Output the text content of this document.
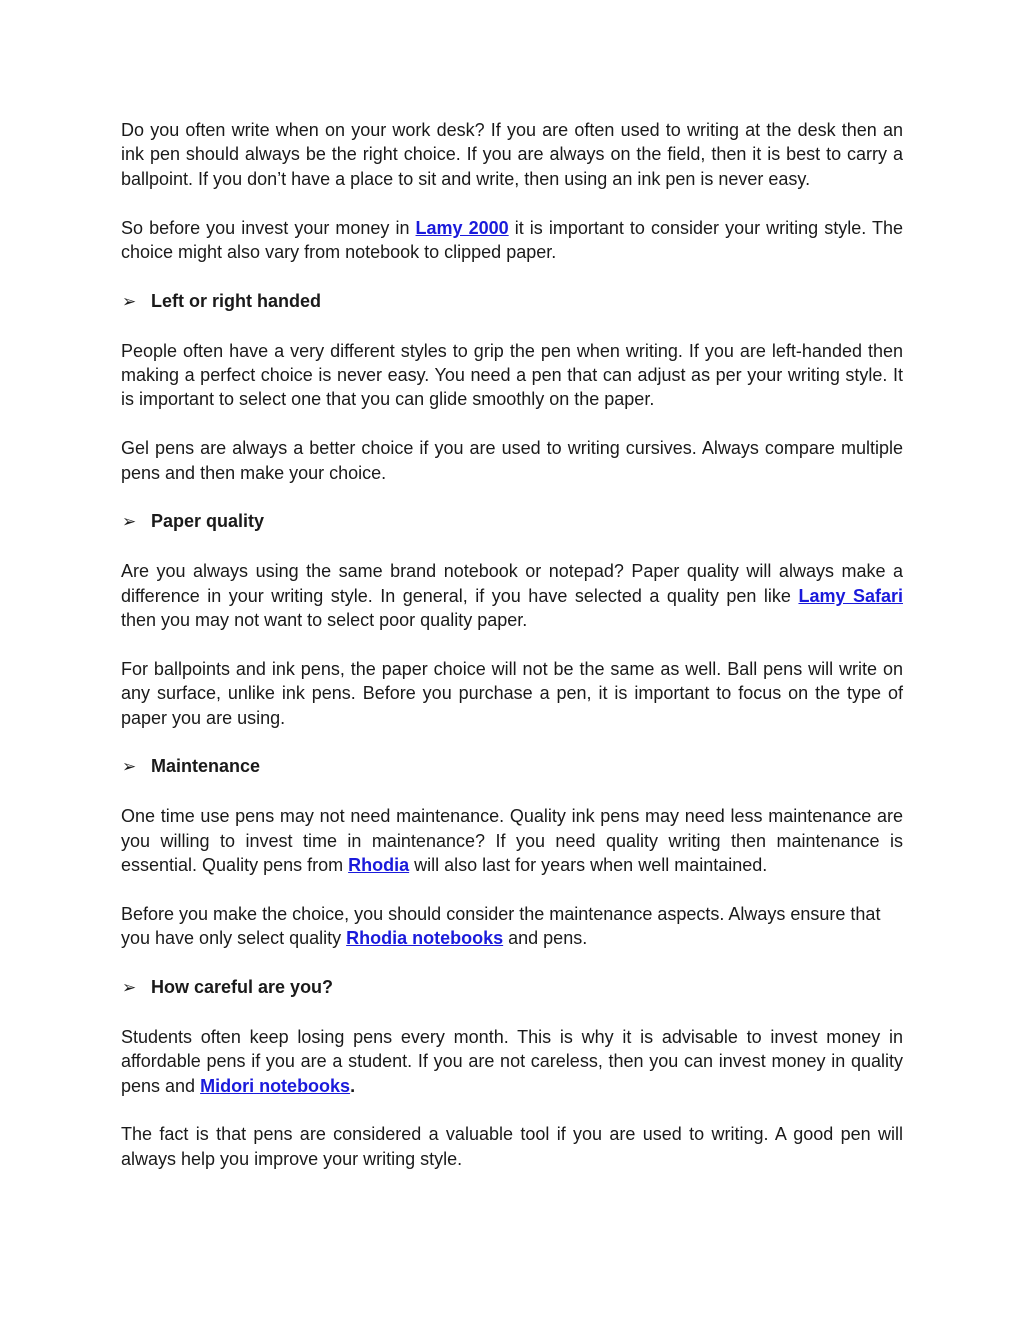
Do you often write when on your work desk? If you are often used to writing at the desk then an ink pen should always be the right choice. If you are always on the field, then it is best to carry a ballpoint. If you don’t have a place to sit and write, then using an ink pen is never easy.

So before you invest your money in Lamy 2000 it is important to consider your writing style. The choice might also vary from notebook to clipped paper.

➢ Left or right handed

People often have a very different styles to grip the pen when writing. If you are left-handed then making a perfect choice is never easy. You need a pen that can adjust as per your writing style. It is important to select one that you can glide smoothly on the paper.

Gel pens are always a better choice if you are used to writing cursives. Always compare multiple pens and then make your choice.

➢ Paper quality

Are you always using the same brand notebook or notepad? Paper quality will always make a difference in your writing style. In general, if you have selected a quality pen like Lamy Safari then you may not want to select poor quality paper.

For ballpoints and ink pens, the paper choice will not be the same as well. Ball pens will write on any surface, unlike ink pens. Before you purchase a pen, it is important to focus on the type of paper you are using.

➢ Maintenance

One time use pens may not need maintenance. Quality ink pens may need less maintenance are you willing to invest time in maintenance? If you need quality writing then maintenance is essential. Quality pens from Rhodia will also last for years when well maintained.

Before you make the choice, you should consider the maintenance aspects. Always ensure that you have only select quality Rhodia notebooks and pens.

➢ How careful are you?

Students often keep losing pens every month. This is why it is advisable to invest money in affordable pens if you are a student. If you are not careless, then you can invest money in quality pens and Midori notebooks.

The fact is that pens are considered a valuable tool if you are used to writing. A good pen will always help you improve your writing style.
